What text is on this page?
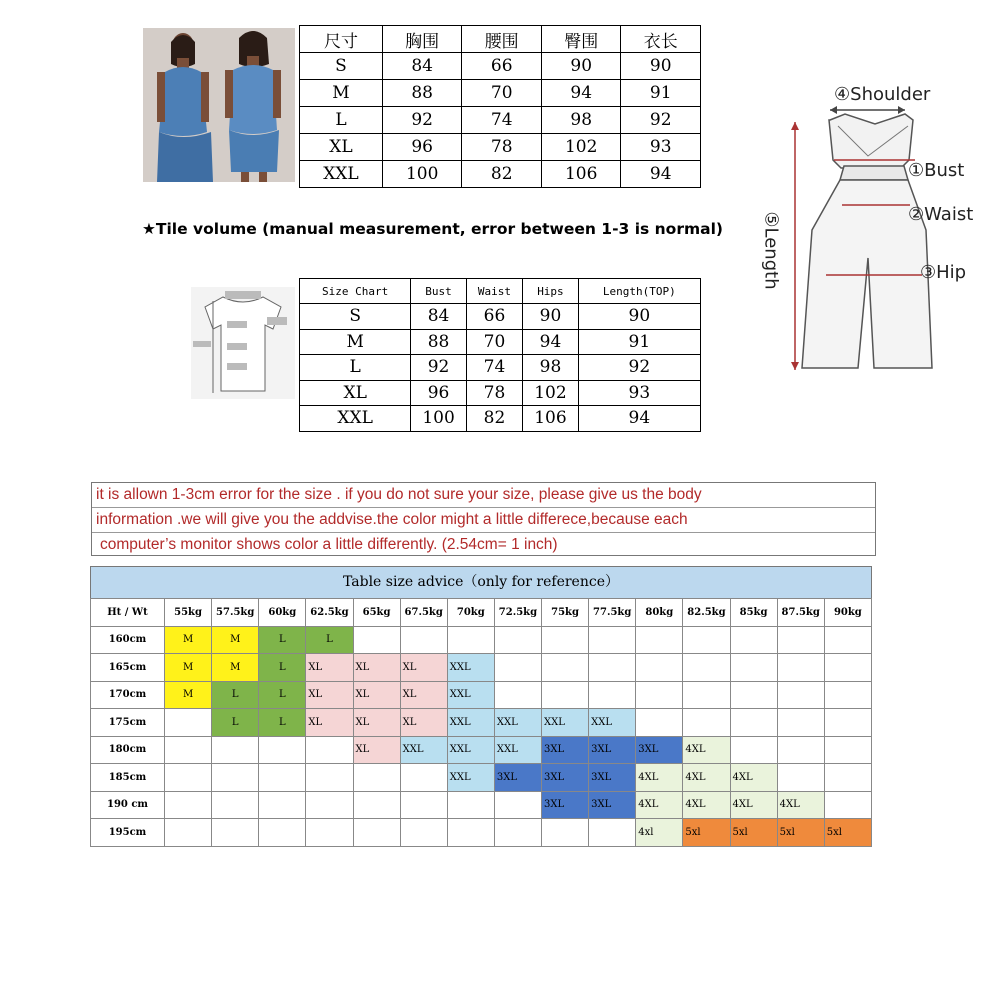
尺寸	胸围	腰围	臀围	衣长
S	84	66	90	90
M	88	70	94	91
L	92	74	98	92
XL	96	78	102	93
XXL	100	82	106	94
④Shoulder
①Bust
②Waist
③Hip
⑤Length
★Tile volume (manual measurement, error between 1-3 is normal)
Size Chart	Bust	Waist	Hips	Length(TOP)
S	84	66	90	90
M	88	70	94	91
L	92	74	98	92
XL	96	78	102	93
XXL	100	82	106	94
it is allown 1-3cm error for the size . if you do not sure your size, please give us the body
information .we will give you the addvise.the color might a little differece,because each
computer’s monitor shows color a little differently. (2.54cm= 1 inch)
Table size advice（only for reference）
Ht / Wt	55kg	57.5kg	60kg	62.5kg	65kg	67.5kg	70kg	72.5kg	75kg	77.5kg	80kg	82.5kg	85kg	87.5kg	90kg
160cm	M	M	L	L											
165cm	M	M	L	XL	XL	XL	XXL								
170cm	M	L	L	XL	XL	XL	XXL								
175cm		L	L	XL	XL	XL	XXL	XXL	XXL	XXL					
180cm					XL	XXL	XXL	XXL	3XL	3XL	3XL	4XL			
185cm							XXL	3XL	3XL	3XL	4XL	4XL	4XL		
190 cm									3XL	3XL	4XL	4XL	4XL	4XL	
195cm											4xl	5xl	5xl	5xl	5xl
